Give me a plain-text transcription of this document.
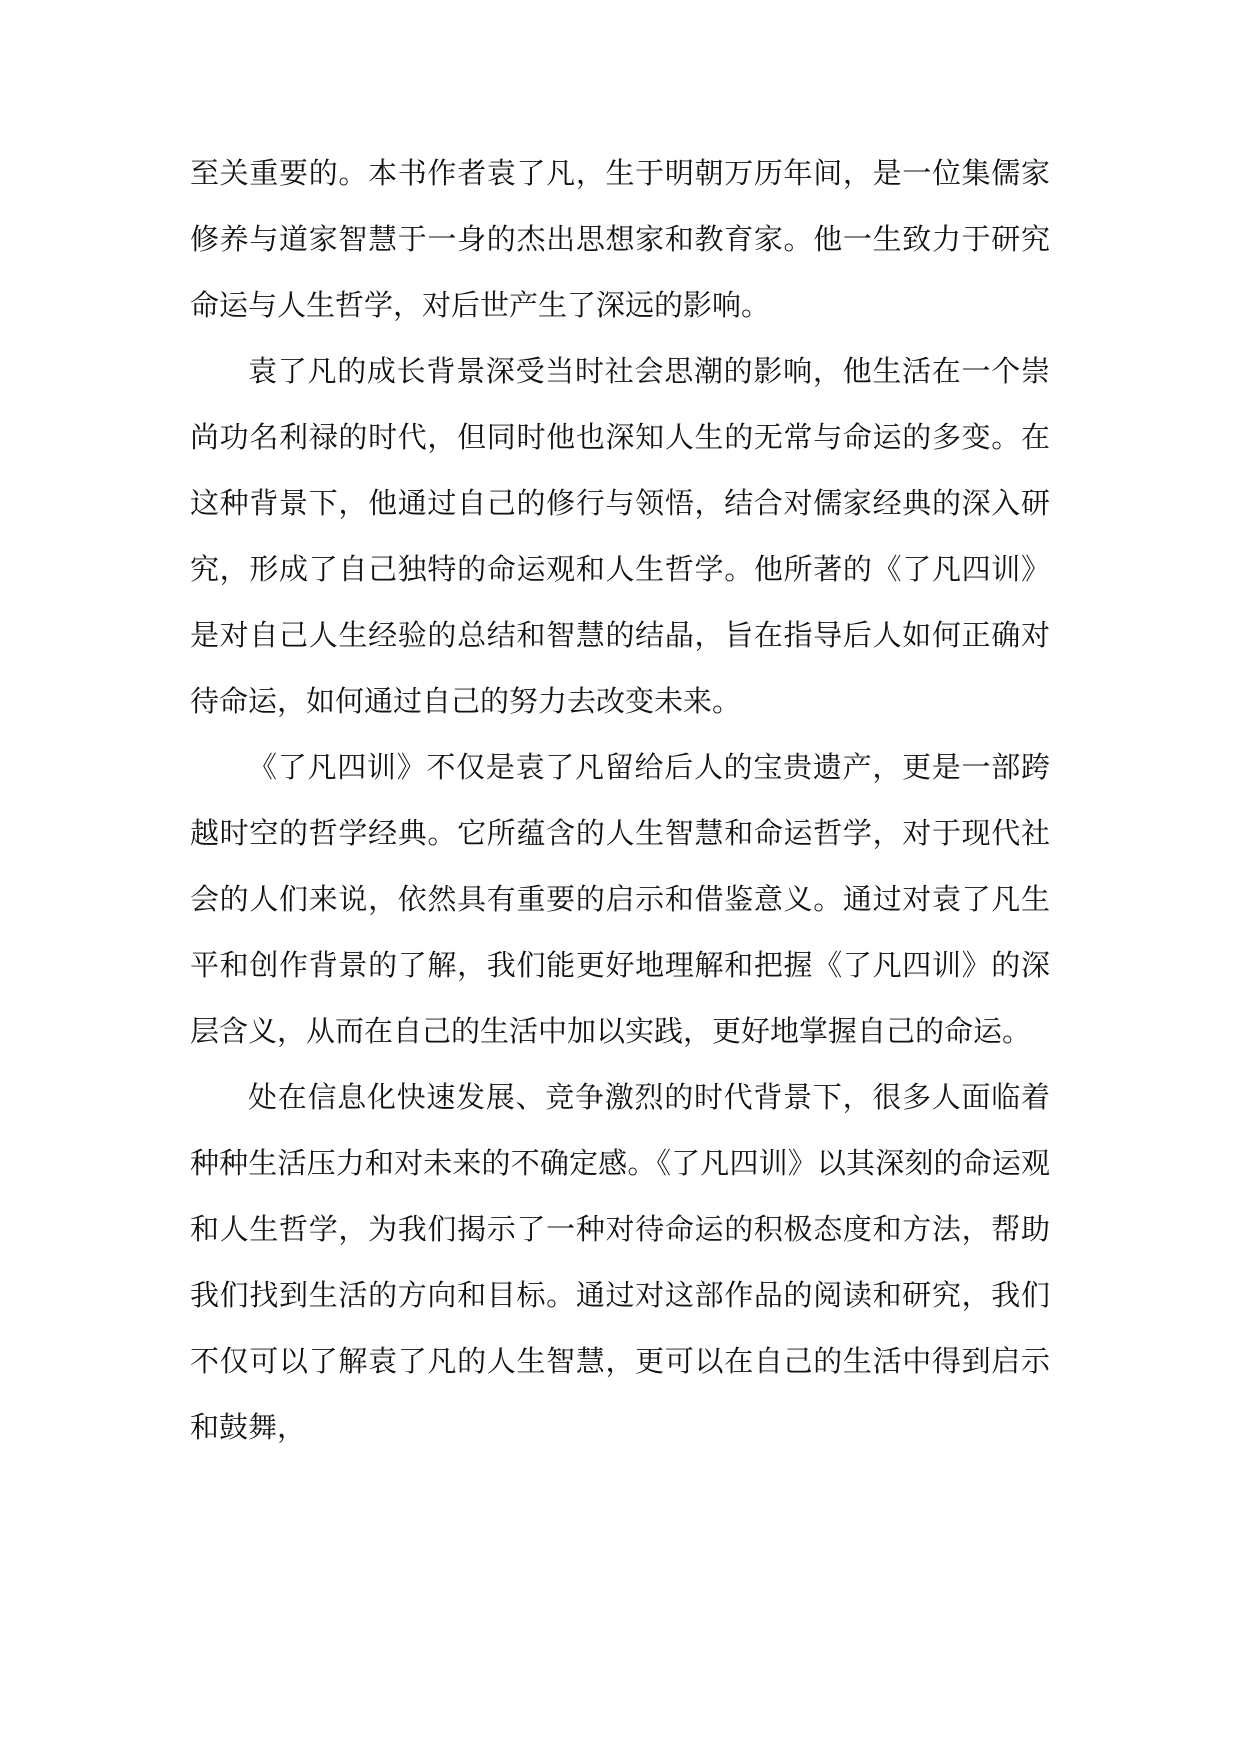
至关重要的。本书作者袁了凡，生于明朝万历年间，是一位集儒家修养与道家智慧于一身的杰出思想家和教育家。他一生致力于研究命运与人生哲学，对后世产生了深远的影响。

袁了凡的成长背景深受当时社会思潮的影响，他生活在一个崇尚功名利禄的时代，但同时他也深知人生的无常与命运的多变。在这种背景下，他通过自己的修行与领悟，结合对儒家经典的深入研究，形成了自己独特的命运观和人生哲学。他所著的《了凡四训》是对自己人生经验的总结和智慧的结晶，旨在指导后人如何正确对待命运，如何通过自己的努力去改变未来。

《了凡四训》不仅是袁了凡留给后人的宝贵遗产，更是一部跨越时空的哲学经典。它所蕴含的人生智慧和命运哲学，对于现代社会的人们来说，依然具有重要的启示和借鉴意义。通过对袁了凡生平和创作背景的了解，我们能更好地理解和把握《了凡四训》的深层含义，从而在自己的生活中加以实践，更好地掌握自己的命运。

处在信息化快速发展、竞争激烈的时代背景下，很多人面临着种种生活压力和对未来的不确定感。《了凡四训》以其深刻的命运观和人生哲学，为我们揭示了一种对待命运的积极态度和方法，帮助我们找到生活的方向和目标。通过对这部作品的阅读和研究，我们不仅可以了解袁了凡的人生智慧，更可以在自己的生活中得到启示和鼓舞，
